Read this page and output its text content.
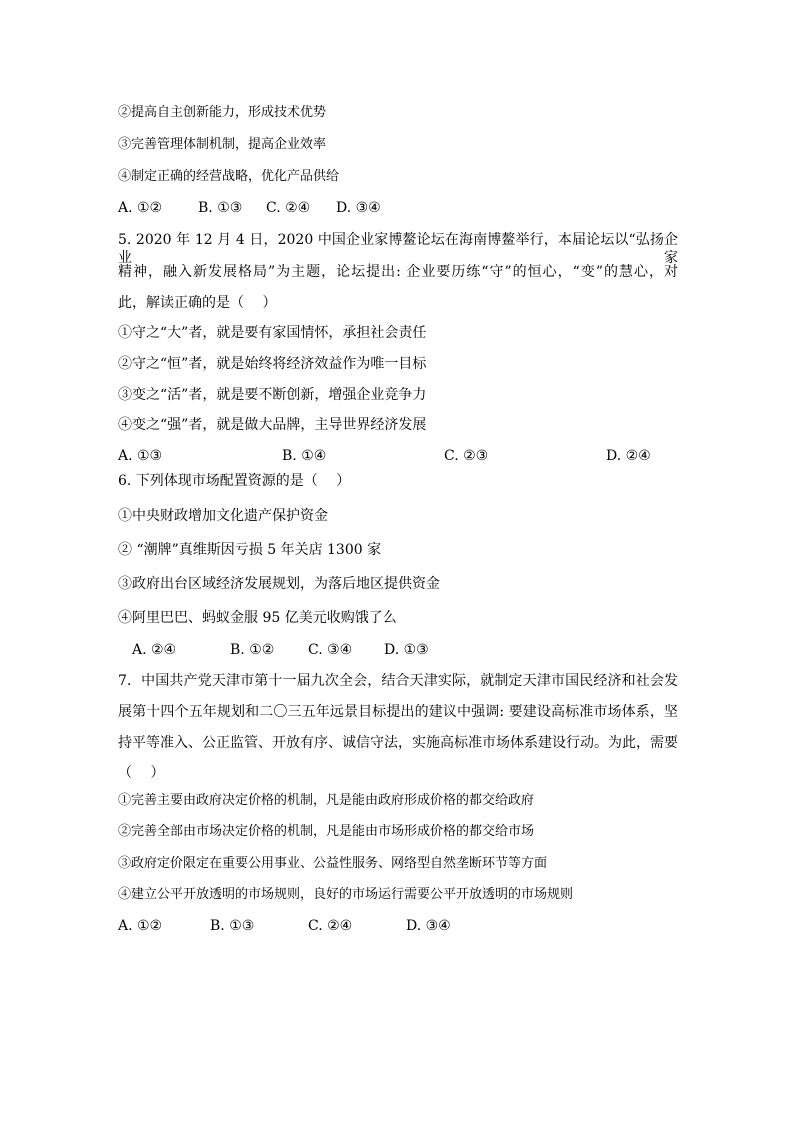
②提高自主创新能力，形成技术优势
③完善管理体制机制，提高企业效率
④制定正确的经营战略，优化产品供给
A. ①②	B. ①③ C. ②④ D. ③④
5. 2020 年 12 月 4 日，2020 中国企业家博鳌论坛在海南博鳌举行，本届论坛以“弘扬企业家
精神，融入新发展格局”为主题，论坛提出: 企业要历练“守”的恒心，“变”的慧心，对
此，解读正确的是（　 ）
①守之“大”者，就是要有家国情怀，承担社会责任
②守之“恒”者，就是始终将经济效益作为唯一目标
③变之“活”者，就是要不断创新，增强企业竞争力
④变之“强”者，就是做大品牌，主导世界经济发展
A. ①③	B. ①④	C. ②③	D. ②④
6. 下列体现市场配置资源的是（　 ）
①中央财政增加文化遗产保护资金
② “潮牌”真维斯因亏损 5 年关店 1300 家
③政府出台区域经济发展规划，为落后地区提供资金
④阿里巴巴、蚂蚁金服 95 亿美元收购饿了么
A. ②④	B. ①② C. ③④ D. ①③
7．中国共产党天津市第十一届九次全会，结合天津实际，就制定天津市国民经济和社会发
展第十四个五年规划和二〇三五年远景目标提出的建议中强调: 要建设高标准市场体系，坚
持平等准入、公正监管、开放有序、诚信守法，实施高标准市场体系建设行动。为此，需要
（　 ）
①完善主要由政府决定价格的机制，凡是能由政府形成价格的都交给政府
②完善全部由市场决定价格的机制，凡是能由市场形成价格的都交给市场
③政府定价限定在重要公用事业、公益性服务、网络型自然垄断环节等方面
④建立公平开放透明的市场规则，良好的市场运行需要公平开放透明的市场规则
A. ①②	B. ①③	C. ②④	D. ③④
